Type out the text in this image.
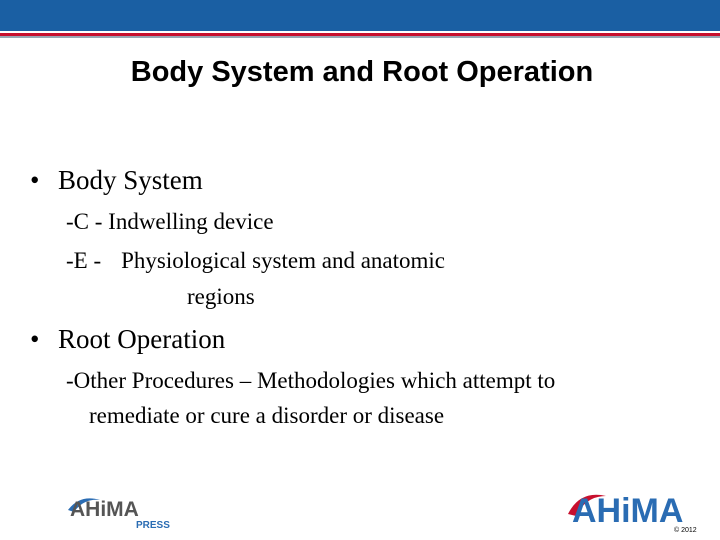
Body System and Root Operation
• Body System
-C - Indwelling device
-E - Physiological system and anatomic
regions
• Root Operation
-Other Procedures – Methodologies which attempt to
remediate or cure a disorder or disease
AHiMA
PRESS	AHiMA
© 2012
